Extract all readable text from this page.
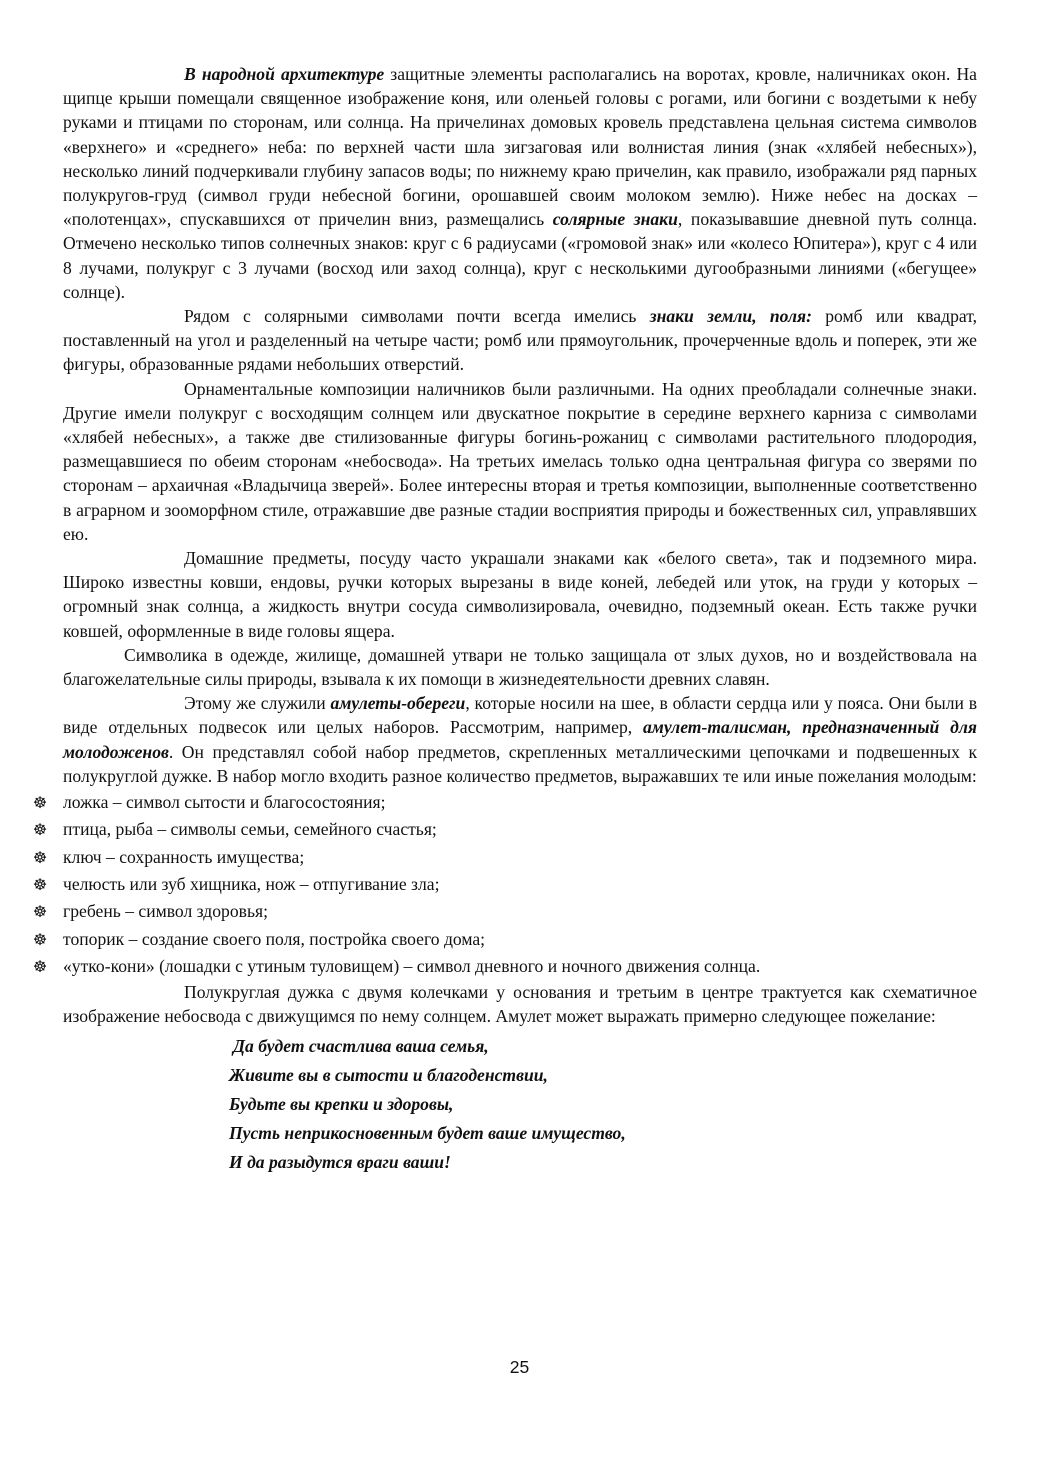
В народной архитектуре защитные элементы располагались на воротах, кровле, наличниках окон. На щипце крыши помещали священное изображение коня, или оленьей головы с рогами, или богини с воздетыми к небу руками и птицами по сторонам, или солнца. На причелинах домовых кровель представлена цельная система символов «верхнего» и «среднего» неба: по верхней части шла зигзаговая или волнистая линия (знак «хлябей небесных»), несколько линий подчеркивали глубину запасов воды; по нижнему краю причелин, как правило, изображали ряд парных полукругов-груд (символ груди небесной богини, орошавшей своим молоком землю). Ниже небес на досках – «полотенцах», спускавшихся от причелин вниз, размещались солярные знаки, показывавшие дневной путь солнца. Отмечено несколько типов солнечных знаков: круг с 6 радиусами («громовой знак» или «колесо Юпитера»), круг с 4 или 8 лучами, полукруг с 3 лучами (восход или заход солнца), круг с несколькими дугообразными линиями («бегущее» солнце).

Рядом с солярными символами почти всегда имелись знаки земли, поля: ромб или квадрат, поставленный на угол и разделенный на четыре части; ромб или прямоугольник, прочерченные вдоль и поперек, эти же фигуры, образованные рядами небольших отверстий.

Орнаментальные композиции наличников были различными. На одних преобладали солнечные знаки. Другие имели полукруг с восходящим солнцем или двускатное покрытие в середине верхнего карниза с символами «хлябей небесных», а также две стилизованные фигуры богинь-рожаниц с символами растительного плодородия, размещавшиеся по обеим сторонам «небосвода». На третьих имелась только одна центральная фигура со зверями по сторонам – архаичная «Владычица зверей». Более интересны вторая и третья композиции, выполненные соответственно в аграрном и зооморфном стиле, отражавшие две разные стадии восприятия природы и божественных сил, управлявших ею.

Домашние предметы, посуду часто украшали знаками как «белого света», так и подземного мира. Широко известны ковши, ендовы, ручки которых вырезаны в виде коней, лебедей или уток, на груди у которых – огромный знак солнца, а жидкость внутри сосуда символизировала, очевидно, подземный океан. Есть также ручки ковшей, оформленные в виде головы ящера.

Символика в одежде, жилище, домашней утвари не только защищала от злых духов, но и воздействовала на благожелательные силы природы, взывала к их помощи в жизнедеятельности древних славян.

Этому же служили амулеты-обереги, которые носили на шее, в области сердца или у пояса. Они были в виде отдельных подвесок или целых наборов. Рассмотрим, например, амулет-талисман, предназначенный для молодоженов. Он представлял собой набор предметов, скрепленных металлическими цепочками и подвешенных к полукруглой дужке. В набор могло входить разное количество предметов, выражавших те или иные пожелания молодым:

☸ ложка – символ сытости и благосостояния;
☸ птица, рыба – символы семьи, семейного счастья;
☸ ключ – сохранность имущества;
☸ челюсть или зуб хищника, нож – отпугивание зла;
☸ гребень – символ здоровья;
☸ топорик – создание своего поля, постройка своего дома;
☸ «утко-кони» (лошадки с утиным туловищем) – символ дневного и ночного движения солнца.

Полукруглая дужка с двумя колечками у основания и третьим в центре трактуется как схематичное изображение небосвода с движущимся по нему солнцем. Амулет может выражать примерно следующее пожелание:

Да будет счастлива ваша семья,

Живите вы в сытости и благоденствии,

Будьте вы крепки и здоровы,

Пусть неприкосновенным будет ваше имущество,

И да разыдутся враги ваши!

25
